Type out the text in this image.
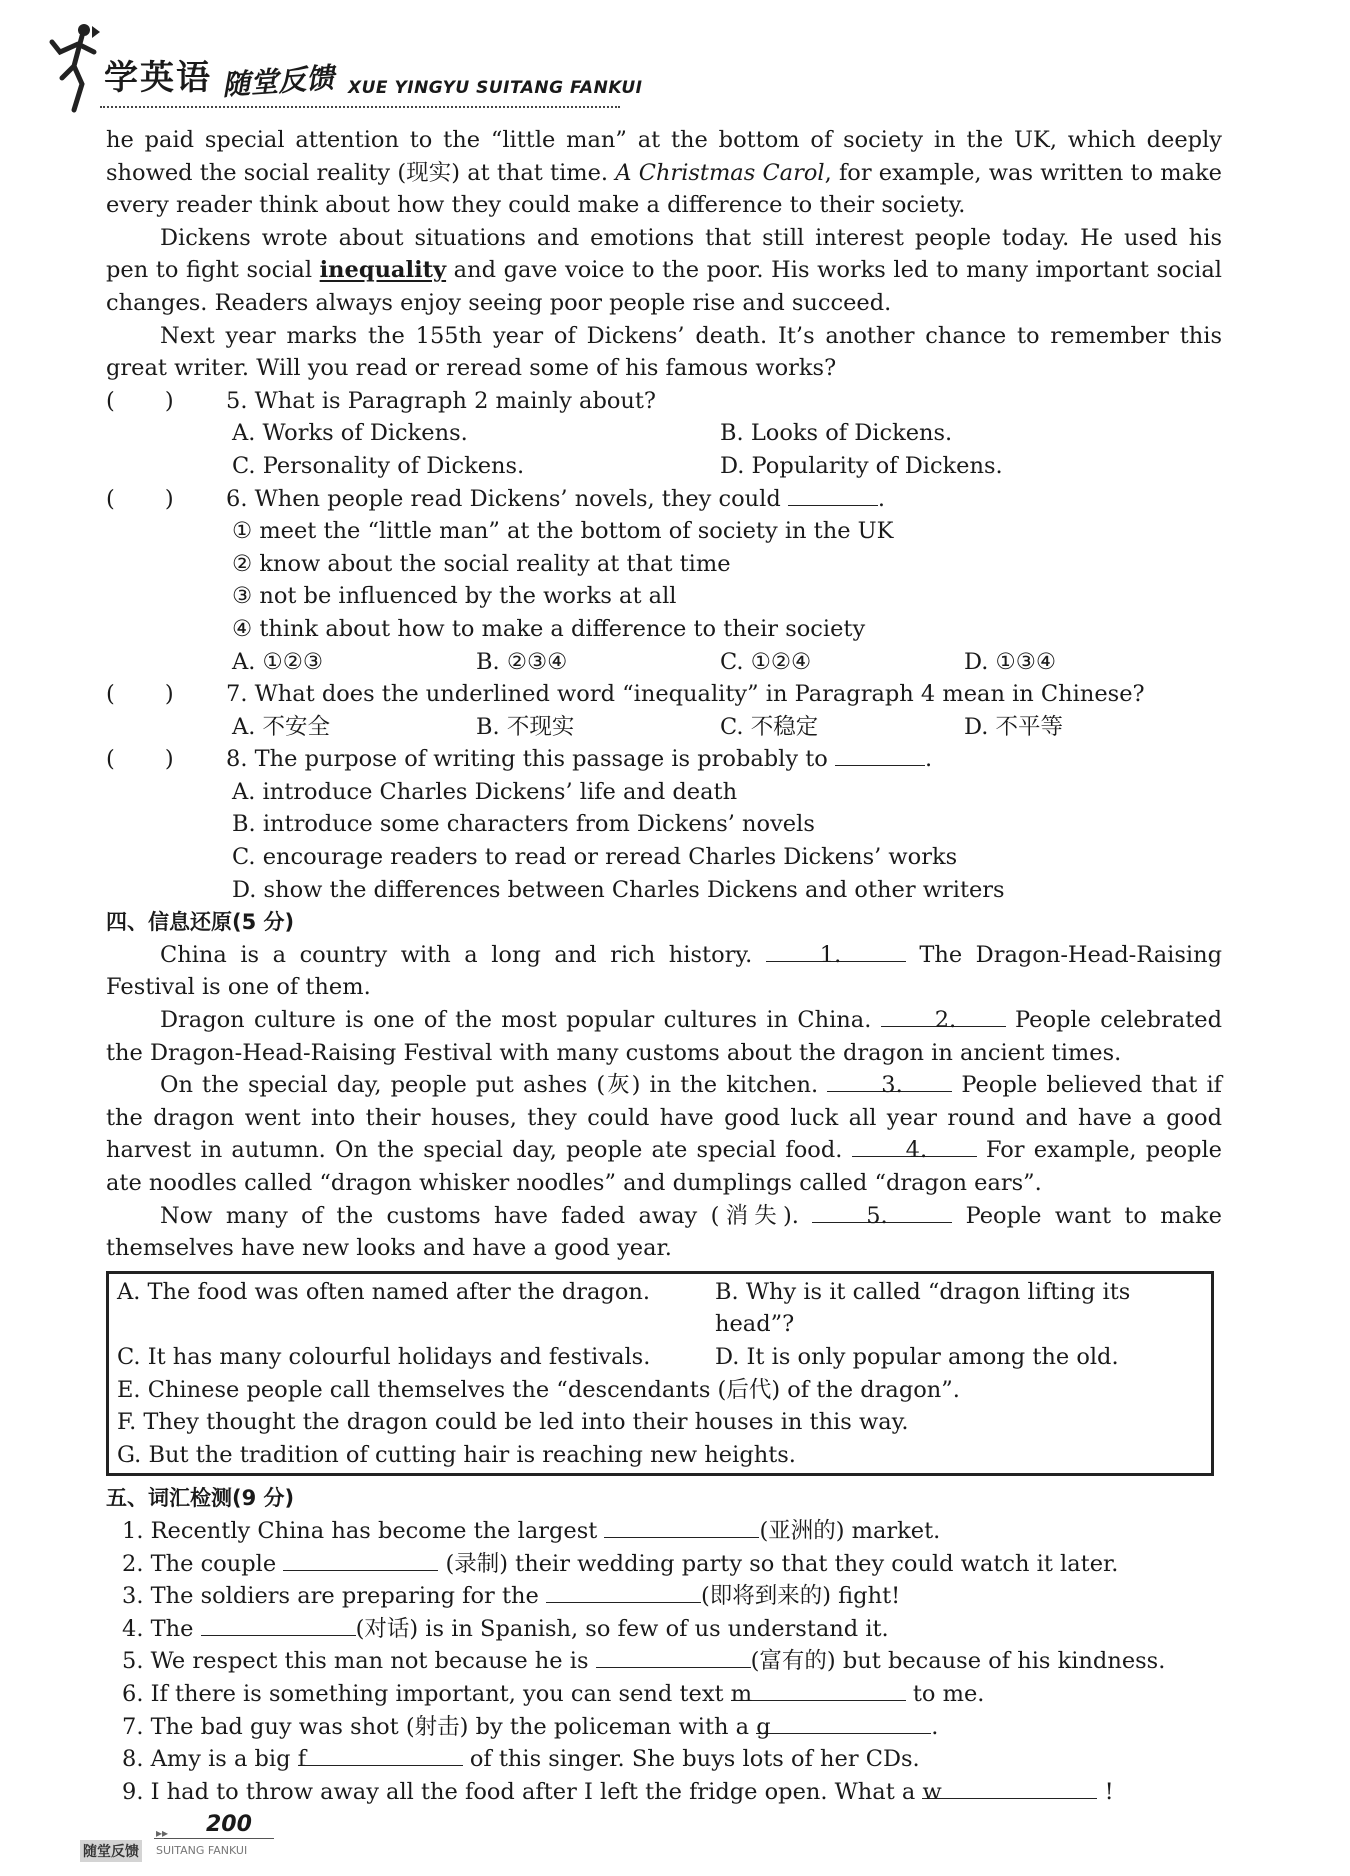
学英语 随堂反馈 XUE YINGYU SUITANG FANKUI

he paid special attention to the “little man” at the bottom of society in the UK, which deeply showed the social reality (现实) at that time. A Christmas Carol, for example, was written to make every reader think about how they could make a difference to their society.

Dickens wrote about situations and emotions that still interest people today. He used his pen to fight social inequality and gave voice to the poor. His works led to many important social changes. Readers always enjoy seeing poor people rise and succeed.

Next year marks the 155th year of Dickens’ death. It’s another chance to remember this great writer. Will you read or reread some of his famous works?

(       )	5. What is Paragraph 2 mainly about?
A. Works of Dickens.	B. Looks of Dickens.
C. Personality of Dickens.	D. Popularity of Dickens.
(       )	6. When people read Dickens’ novels, they could	.
① meet the “little man” at the bottom of society in the UK
② know about the social reality at that time
③ not be influenced by the works at all
④ think about how to make a difference to their society
A. ①②③	B. ②③④	C. ①②④	D. ①③④
(       )	7. What does the underlined word “inequality” in Paragraph 4 mean in Chinese?
A. 不安全	B. 不现实	C. 不稳定	D. 不平等
(       )	8. The purpose of writing this passage is probably to	.
A. introduce Charles Dickens’ life and death
B. introduce some characters from Dickens’ novels
C. encourage readers to read or reread Charles Dickens’ works
D. show the differences between Charles Dickens and other writers
四、信息还原(5 分)

China is a country with a long and rich history. 1.	The Dragon-Head-Raising Festival is one of them.

Dragon culture is one of the most popular cultures in China. 2. People celebrated the Dragon-Head-Raising Festival with many customs about the dragon in ancient times.

On the special day, people put ashes (灰) in the kitchen. 3. People believed that if the dragon went into their houses, they could have good luck all year round and have a good harvest in autumn. On the special day, people ate special food. 4. For example, people ate noodles called “dragon whisker noodles” and dumplings called “dragon ears”.

Now many of the customs have faded away (消失). 5.	People want to make themselves have new looks and have a good year.

A. The food was often named after the dragon.	B. Why is it called “dragon lifting its head”?
C. It has many colourful holidays and festivals.	D. It is only popular among the old.
E. Chinese people call themselves the “descendants (后代) of the dragon”.
F. They thought the dragon could be led into their houses in this way.
G. But the tradition of cutting hair is reaching new heights.
五、词汇检测(9 分)
1. Recently China has become the largest	(亚洲的) market.
2. The couple	(录制) their wedding party so that they could watch it later.
3. The soldiers are preparing for the	(即将到来的) fight!
4. The	(对话) is in Spanish, so few of us understand it.
5. We respect this man not because he is	(富有的) but because of his kindness.
6. If there is something important, you can send text m	to me.
7. The bad guy was shot (射击) by the policeman with a g	.
8. Amy is a big f	of this singer. She buys lots of her CDs.
9. I had to throw away all the food after I left the fridge open. What a w	!
▸▸ 200
随堂反馈 SUITANG FANKUI
